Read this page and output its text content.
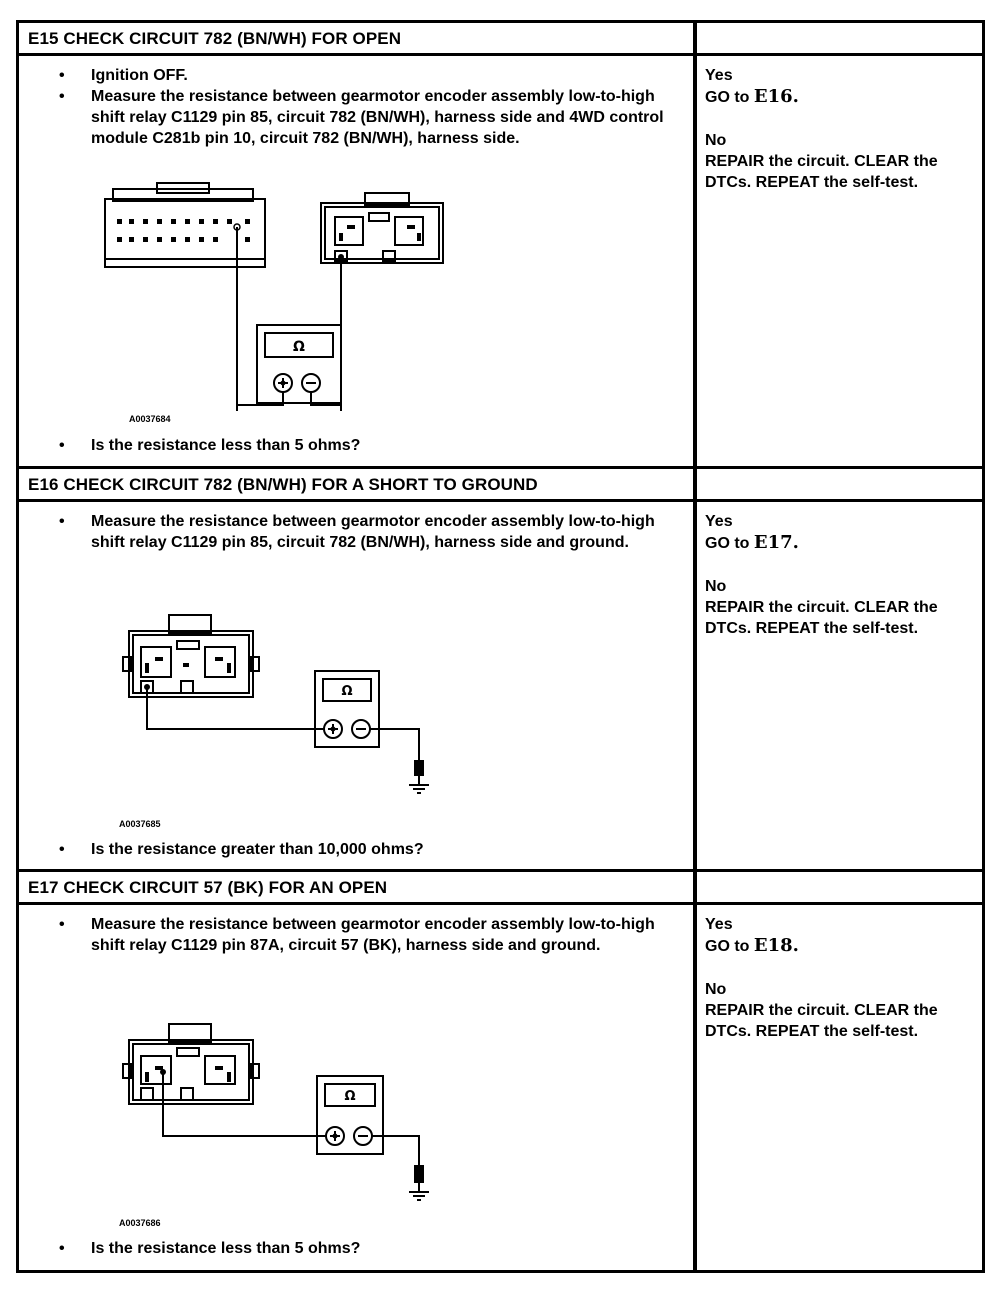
E15 CHECK CIRCUIT 782 (BN/WH) FOR OPEN
• Ignition OFF.
• Measure the resistance between gearmotor encoder assembly low-to-high shift relay C1129 pin 85, circuit 782 (BN/WH), harness side and 4WD control module C281b pin 10, circuit 782 (BN/WH), harness side.
Ω
A0037684
• Is the resistance less than 5 ohms?
Yes
GO to E16.
No
REPAIR the circuit. CLEAR the DTCs. REPEAT the self-test.
E16 CHECK CIRCUIT 782 (BN/WH) FOR A SHORT TO GROUND
• Measure the resistance between gearmotor encoder assembly low-to-high shift relay C1129 pin 85, circuit 782 (BN/WH), harness side and ground.
Ω
A0037685
• Is the resistance greater than 10,000 ohms?
Yes
GO to E17.
No
REPAIR the circuit. CLEAR the DTCs. REPEAT the self-test.
E17 CHECK CIRCUIT 57 (BK) FOR AN OPEN
• Measure the resistance between gearmotor encoder assembly low-to-high shift relay C1129 pin 87A, circuit 57 (BK), harness side and ground.
Ω
A0037686
• Is the resistance less than 5 ohms?
Yes
GO to E18.
No
REPAIR the circuit. CLEAR the DTCs. REPEAT the self-test.
